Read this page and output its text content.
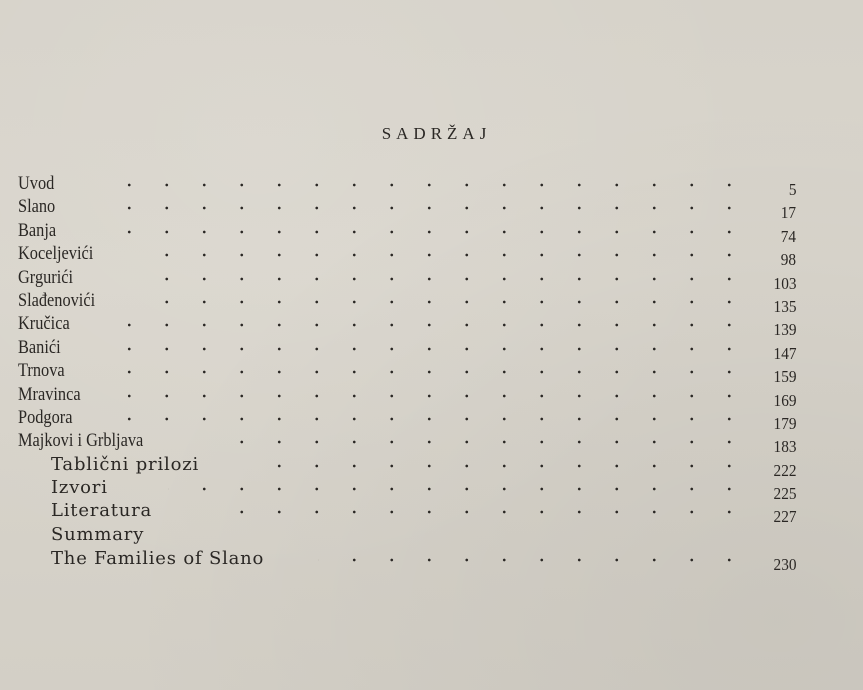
SADRŽAJ
Uvod	5
Slano	17
Banja	74
Koceljevići	98
Grgurići	103
Slađenovići	135
Kručica	139
Banići	147
Trnova	159
Mravinca	169
Podgora	179
Majkovi i Grbljava	183
Tablični prilozi	222
Izvori	225
Literatura	227
Summary
The Families of Slano	230
